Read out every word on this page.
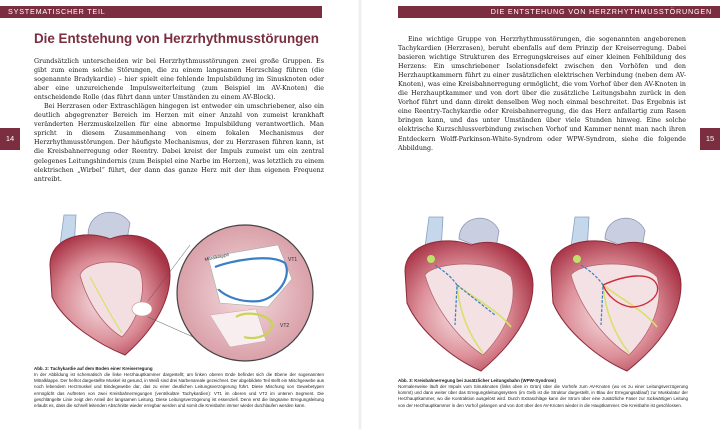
SYSTEMATISCHER TEIL	DIE ENTSTEHUNG VON HERZRHYTHMUSSTÖRUNGEN
14	15
Die Entstehung von Herzrhythmusstörungen

Grundsätzlich unterscheiden wir bei Herzrhythmusstörungen zwei große Gruppen. Es gibt zum einem solche Störungen, die zu einem langsamen Herzschlag führen (die sogenannte Bradykardie) – hier spielt eine fehlende Impulsbildung im Sinusknoten oder aber eine unzureichende Impulsweiterleitung (zum Beispiel im AV-Knoten) die entscheidende Rolle (das führt dann unter Umständen zu einem AV-Block).

Bei Herzrasen oder Extraschlägen hingegen ist entweder ein umschriebener, also ein deutlich abgegrenzter Bereich im Herzen mit einer Anzahl von zumeist krankhaft veränderten Herzmuskelzellen für eine abnorme Impulsbildung verantwortlich. Man spricht in diesem Zusammenhang von einem fokalen Mechanismus der Herzrhythmusstörungen. Der häufigste Mechanismus, der zu Herzrasen führen kann, ist die Kreisbahnerregung oder Reentry. Dabei kreist der Impuls zumeist um ein zentral gelegenes Leitungshindernis (zum Beispiel eine Narbe im Herzen), was letztlich zu einem elektrischen „Wirbel“ führt, der dann das ganze Herz mit der ihm eigenen Frequenz antreibt.

Mitralklappe	VT1
VT2
Abb. 2: Tachykardie auf dem Boden einer Kreiserregung
In der Abbildung ist schematisch die linke Herzhauptkammer dargestellt; am linken oberen Ende befindet sich die Ebene der sogenannten Mitralklappe. Der hellrot dargestellte Muskel ist gesund, in Weiß sind drei Narbenareale gezeichnet. Der abgebildete Teil stellt ein Mischgewebe aus noch lebendem Herzmuskel und Bindegewebe dar, das zu einer deutlichen Leitungsverzögerung führt. Diese Mischung von Gewebetypen ermöglicht das Auftreten von zwei Kreisbahnerregungen (ventrikuläre Tachykardien): VT1 im oberen und VT2 im unteren Segment. Die geschlängelte Linie zeigt den Anteil der langsamen Leitung. Diese Leitungsverzögerung ist essenziell. Denn erst die langsame Erregungsleitung erlaubt es, dass die schnell leitenden Abschnitte wieder erregbar werden und somit die Kreisbahn immer wieder durchlaufen werden kann.

Eine wichtige Gruppe von Herzrhythmusstörungen, die sogenannten angeborenen Tachykardien (Herzrasen), beruht ebenfalls auf dem Prinzip der Kreiserregung. Dabei basieren wichtige Strukturen des Erregungskreises auf einer kleinen Fehlbildung des Herzens: Ein umschriebener Isolationsdefekt zwischen den Vorhöfen und den Herzhauptkammern führt zu einer zusätzlichen elektrischen Verbindung (neben dem AV-Knoten), was eine Kreisbahnerregung ermöglicht, die vom Vorhof über den AV-Knoten in die Herzhauptkammer und von dort über die zusätzliche Leitungsbahn zurück in den Vorhof führt und dann direkt denselben Weg noch einmal beschreitet. Das Ergebnis ist eine Reentry-Tachykardie oder Kreisbahnerregung, die das Herz anfallartig zum Rasen bringen kann, und das unter Umständen über viele Stunden hinweg. Eine solche elektrische Kurzschlussverbindung zwischen Vorhof und Kammer nennt man nach ihren Entdeckern Wolff-Parkinson-White-Syndrom oder WPW-Syndrom, siehe die folgende Abbildung.

Abb. 3: Kreisbahnerregung bei zusätzlicher Leitungsbahn (WPW-Syndrom)
Normalerweise läuft der Impuls vom Sinusknoten (links oben in Grün) über die Vorhöfe zum AV-Knoten (wo es zu einer Leitungsverzögerung kommt) und dann weiter über das Erregungsleitungssystem (im Gelb ist die Struktur dargestellt, in Blau der Erregungsablauf) zur Muskulatur der Herzhauptkammer, wo die Kontraktion ausgelöst wird. Durch Extraschläge kann der Strom über eine zusätzliche Faser zur rückwärtigen Leitung von der Herzhauptkammer in den Vorhof gelangen und von dort über den AV-Knoten wieder in die Hauptkammer. Die Kreisbahn ist geschlossen.
